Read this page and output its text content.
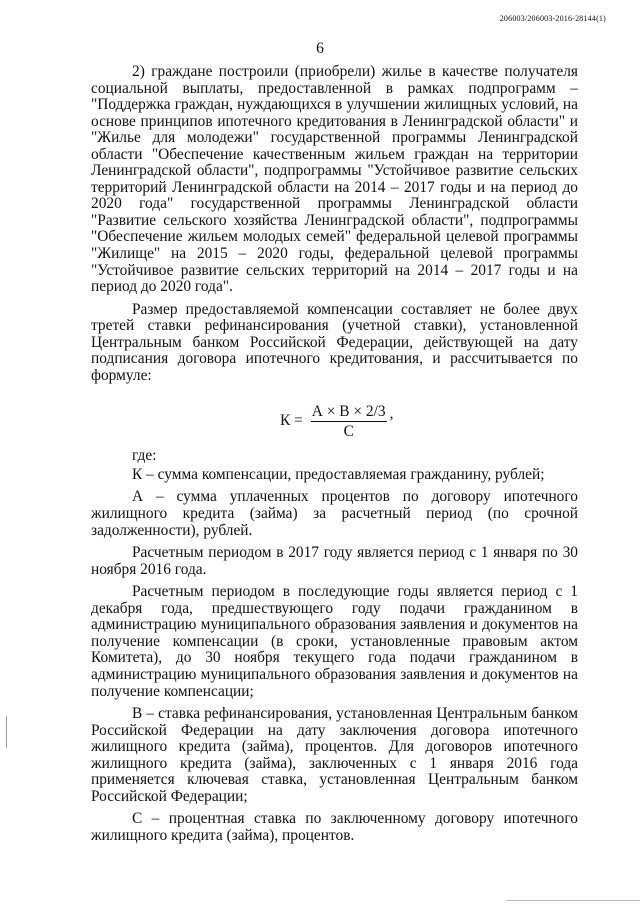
206003/206003-2016-28144(1)
6

2) граждане построили (приобрели) жилье в качестве получателя социальной выплаты, предоставленной в рамках подпрограмм – "Поддержка граждан, нуждающихся в улучшении жилищных условий, на основе принципов ипотечного кредитования в Ленинградской области" и "Жилье для молодежи" государственной программы Ленинградской области "Обеспечение качественным жильем граждан на территории Ленинградской области", подпрограммы "Устойчивое развитие сельских территорий Ленинградской области на 2014 – 2017 годы и на период до 2020 года" государственной программы Ленинградской области "Развитие сельского хозяйства Ленинградской области", подпрограммы "Обеспечение жильем молодых семей" федеральной целевой программы "Жилище" на 2015 – 2020 годы, федеральной целевой программы "Устойчивое развитие сельских территорий на 2014 – 2017 годы и на период до 2020 года".

Размер предоставляемой компенсации составляет не более двух третей ставки рефинансирования (учетной ставки), установленной Центральным банком Российской Федерации, действующей на дату подписания договора ипотечного кредитования, и рассчитывается по формуле:

$К = \frac{А \times В \times 2/3}{С}$ ,

где:

К – сумма компенсации, предоставляемая гражданину, рублей;

А – сумма уплаченных процентов по договору ипотечного жилищного кредита (займа) за расчетный период (по срочной задолженности), рублей.

Расчетным периодом в 2017 году является период с 1 января по 30 ноября 2016 года.

Расчетным периодом в последующие годы является период с 1 декабря года, предшествующего году подачи гражданином в администрацию муниципального образования заявления и документов на получение компенсации (в сроки, установленные правовым актом Комитета), до 30 ноября текущего года подачи гражданином в администрацию муниципального образования заявления и документов на получение компенсации;

В – ставка рефинансирования, установленная Центральным банком Российской Федерации на дату заключения договора ипотечного жилищного кредита (займа), процентов. Для договоров ипотечного жилищного кредита (займа), заключенных с 1 января 2016 года применяется ключевая ставка, установленная Центральным банком Российской Федерации;

С – процентная ставка по заключенному договору ипотечного жилищного кредита (займа), процентов.
